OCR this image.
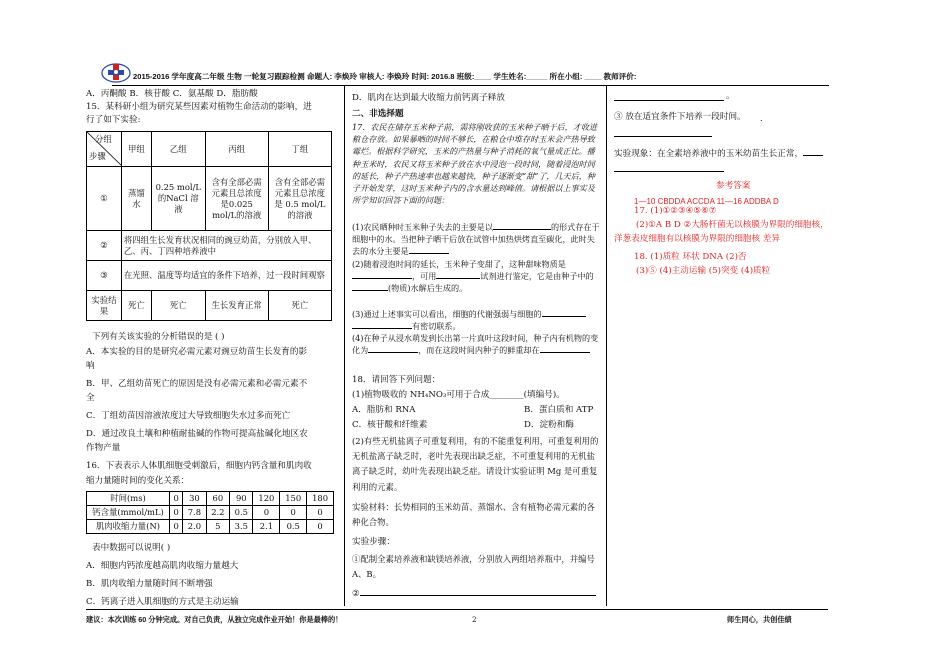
2015-2016 学年度高二年级 生物 一轮复习跟踪检测 命题人: 李焕玲 审核人: 李焕玲 时间: 2016.8 班级:____ 学生姓名:_____ 所在小组: ____ 教师评价:
A．丙酮酸 B．核苷酸 C．氨基酸 D．脂肪酸
15．某科研小组为研究某些因素对植物生命活动的影响，进
行了如下实验:
分组
步骤	甲组	乙组	丙组	丁组
①	蒸馏水	0.25 mol/L 的NaCl 溶液	含有全部必需元素且总浓度是0.025 mol/L的溶液	含有全部必需元素且总浓度是 0.5 mol/L 的溶液
②	将四组生长发育状况相同的豌豆幼苗，分别放入甲、乙、丙、丁四种培养液中			
③	在光照、温度等均适宜的条件下培养，过一段时间观察			
实验结果	死亡	死亡	生长发育正常	死亡
下列有关该实验的分析错误的是 ( )
A．本实验的目的是研究必需元素对豌豆幼苗生长发育的影
响
B．甲、乙组幼苗死亡的原因是没有必需元素和必需元素不
全
C．丁组幼苗因溶液浓度过大导致细胞失水过多而死亡
D．通过改良土壤和种植耐盐碱的作物可提高盐碱化地区农
作物产量
16．下表表示人体肌细胞受刺激后，细胞内钙含量和肌肉收
缩力量随时间的变化关系：
时间(ms)	0	30	60	90	120	150	180
钙含量(mmol/mL)	0	7.8	2.2	0.5	0	0	0
肌肉收缩力量(N)	0	2.0	5	3.5	2.1	0.5	0
表中数据可以说明( )
A．细胞内钙浓度越高肌肉收缩力量越大
B．肌肉收缩力量随时间不断增强
C．钙离子进入肌细胞的方式是主动运输
D．肌肉在达到最大收缩力前钙离子释放
二、非选择题
17．农民在储存玉米种子前，需将刚收获的玉米种子晒干后，才收进粮仓存放。如果暴晒的时间不够长，在粮仓中堆存时玉米会产热导致霉烂。根据科学研究，玉米的产热量与种子消耗的氧气量成正比。播种玉米时，农民又将玉米种子放在水中浸泡一段时间，随着浸泡时间的延长，种子产热速率也越来越快，种子逐渐变“甜”了，几天后，种子开始发芽，这时玉米种子内的含水量达到峰值。请根据以上事实及所学知识回答下面的问题：
(1)农民晒种时玉米种子失去的主要是以	的形式存在于细胞中的水。当把种子晒干后放在试管中加热烘烤直至碳化，此时失去的水分主要是
(2)随着浸泡时间的延长，玉米种子变甜了，这种甜味物质是，可用	试剂进行鉴定，它是由种子中的(物质)水解后生成的。
(3)通过上述事实可以看出，细胞的代谢强弱与细胞的有密切联系。
(4)在种子从浸水萌发到长出第一片真叶这段时间，种子内有机物的变化为	，而在这段时间内种子的鲜重却在
18．请回答下列问题：
(1)植物吸收的 NH₄NO₃可用于合成________(填编号)。
A．脂肪和 RNA	B．蛋白质和 ATP
C．核苷酸和纤维素	D．淀粉和酶
(2)有些无机盐离子可重复利用，有的不能重复利用，可重复利用的无机盐离子缺乏时，老叶先表现出缺乏症，不可重复利用的无机盐离子缺乏时，幼叶先表现出缺乏症。请设计实验证明 Mg 是可重复利用的元素。
实验材料：长势相同的玉米幼苗、蒸馏水、含有植物必需元素的各种化合物。
实验步骤：
①配制全素培养液和缺镁培养液，分别放入两组培养瓶中，并编号 A、B。
②
。
③ 放在适宜条件下培养一段时间。 .
实验现象：在全素培养液中的玉米幼苗生长正常，
参考答案
1—10 CBDDA ACCDA 11—16 ADDBA D
17. (1)①②③④⑤⑥⑦
(2)①A B D ②大肠杆菌无以核膜为界限的细胞核，
洋葱表皮细胞有以核膜为界限的细胞核 差异
18. (1)质粒 环状 DNA (2)否
(3)⑤ (4)主动运输 (5)突变 (4)质粒
建议：本次训练 60 分钟完成。对自己负责，从独立完成作业开始！你是最棒的！	2	师生同心，共创佳绩
